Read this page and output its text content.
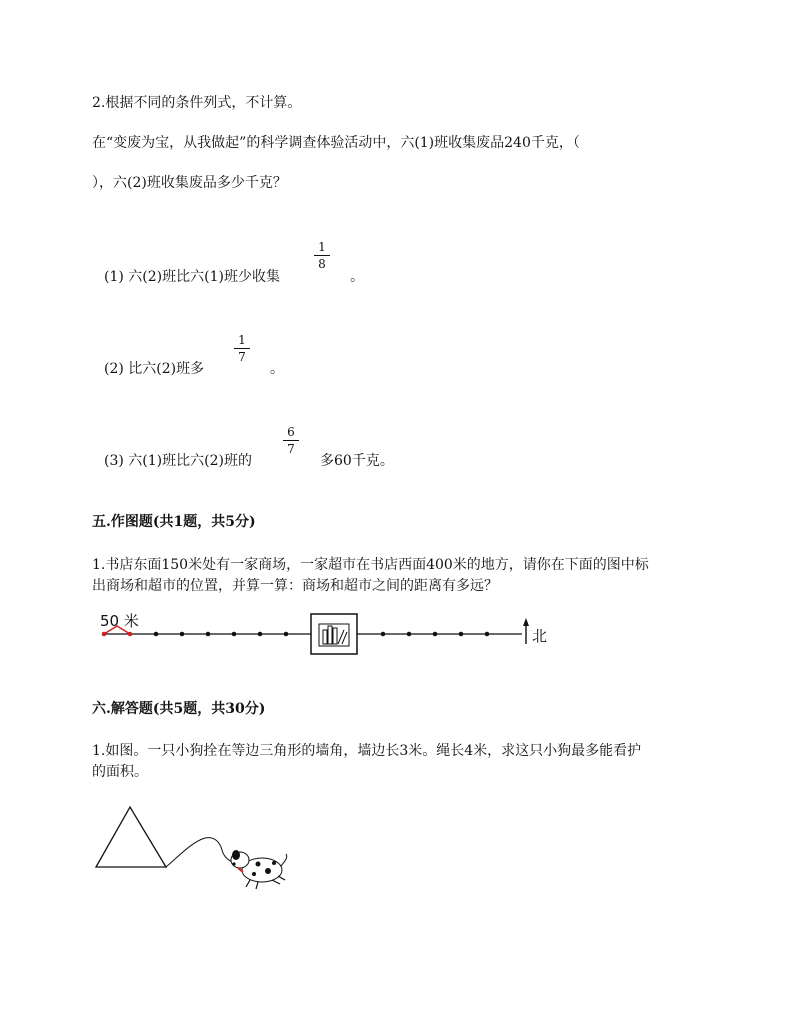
2.根据不同的条件列式，不计算。
在“变废为宝，从我做起”的科学调查体验活动中，六(1)班收集废品240千克，（
），六(2)班收集废品多少千克？
(1) 六(2)班比六(1)班少收集
1
8
。
(2) 比六(2)班多
1
7
。
(3) 六(1)班比六(2)班的
6
7
多60千克。
五.作图题(共1题，共5分)
1.书店东面150米处有一家商场，一家超市在书店西面400米的地方，请你在下面的图中标
出商场和超市的位置，并算一算：商场和超市之间的距离有多远？
50 米
北
六.解答题(共5题，共30分)
1.如图。一只小狗拴在等边三角形的墙角，墙边长3米。绳长4米，求这只小狗最多能看护
的面积。
